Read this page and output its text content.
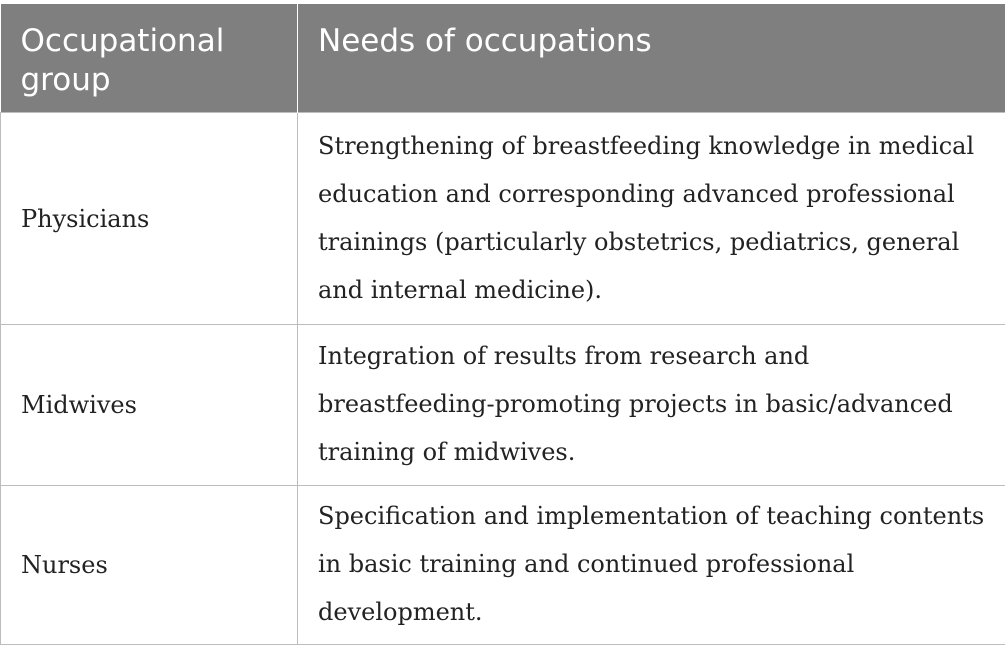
Occupational group	Needs of occupations
Physicians	Strengthening of breastfeeding knowledge in medical education and corresponding advanced professional trainings (particularly obstetrics, pediatrics, general and internal medicine).
Midwives	Integration of results from research and breastfeeding-promoting projects in basic/advanced training of midwives.
Nurses	Specification and implementation of teaching contents in basic training and continued professional development.
